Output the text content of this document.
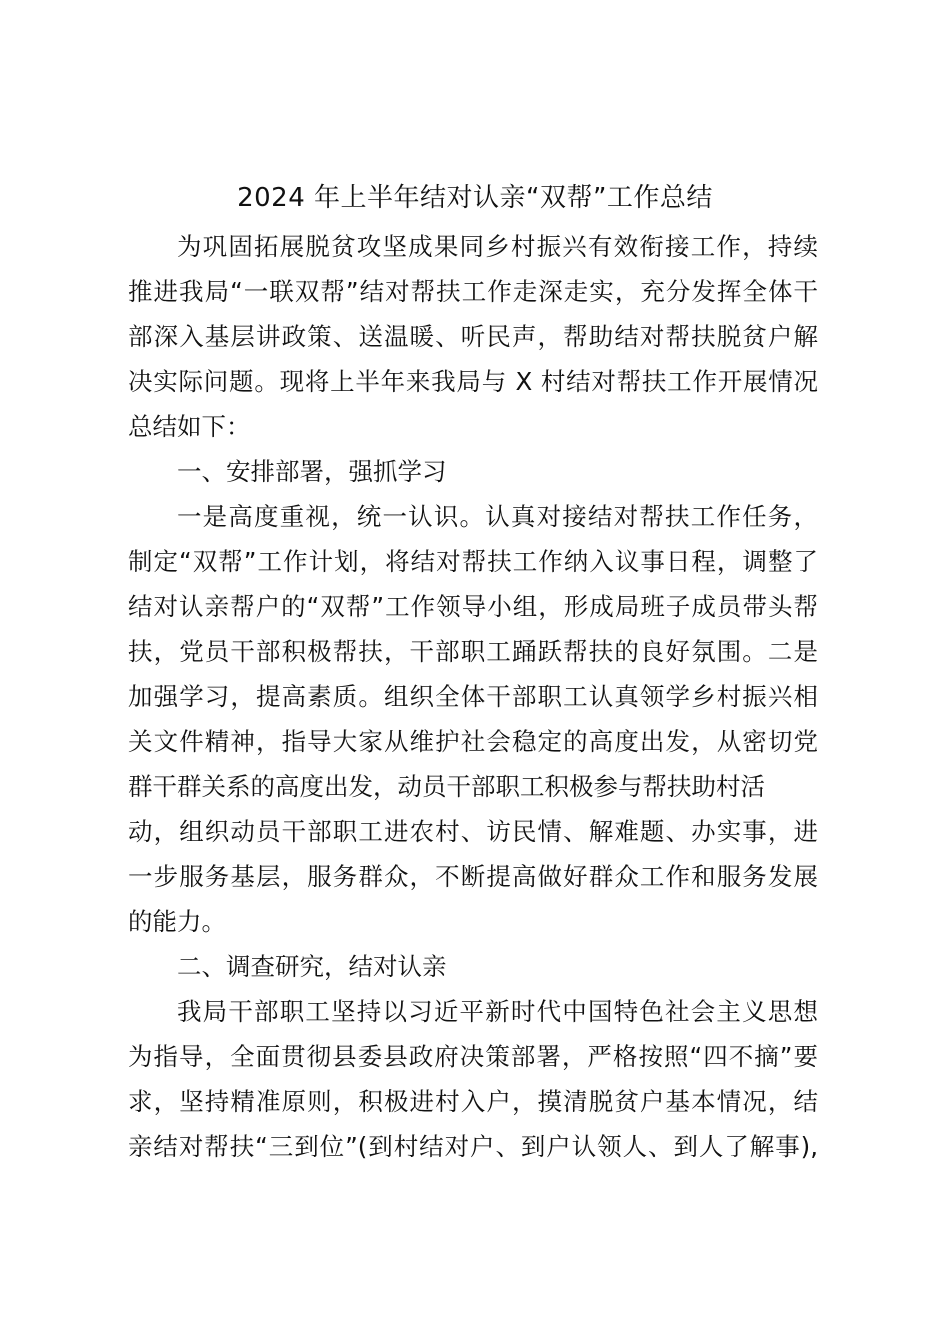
2024 年上半年结对认亲“双帮”工作总结
为巩固拓展脱贫攻坚成果同乡村振兴有效衔接工作，持续
推进我局“一联双帮”结对帮扶工作走深走实，充分发挥全体干
部深入基层讲政策、送温暖、听民声，帮助结对帮扶脱贫户解
决实际问题。现将上半年来我局与 X 村结对帮扶工作开展情况
总结如下：
一、安排部署，强抓学习
一是高度重视，统一认识。认真对接结对帮扶工作任务，
制定“双帮”工作计划，将结对帮扶工作纳入议事日程，调整了
结对认亲帮户的“双帮”工作领导小组，形成局班子成员带头帮
扶，党员干部积极帮扶，干部职工踊跃帮扶的良好氛围。二是
加强学习，提高素质。组织全体干部职工认真领学乡村振兴相
关文件精神，指导大家从维护社会稳定的高度出发，从密切党
群干群关系的高度出发，动员干部职工积极参与帮扶助村活
动，组织动员干部职工进农村、访民情、解难题、办实事，进
一步服务基层，服务群众，不断提高做好群众工作和服务发展
的能力。
二、调查研究，结对认亲
我局干部职工坚持以习近平新时代中国特色社会主义思想
为指导，全面贯彻县委县政府决策部署，严格按照“四不摘”要
求，坚持精准原则，积极进村入户，摸清脱贫户基本情况，结
亲结对帮扶“三到位”(到村结对户、到户认领人、到人了解事),
